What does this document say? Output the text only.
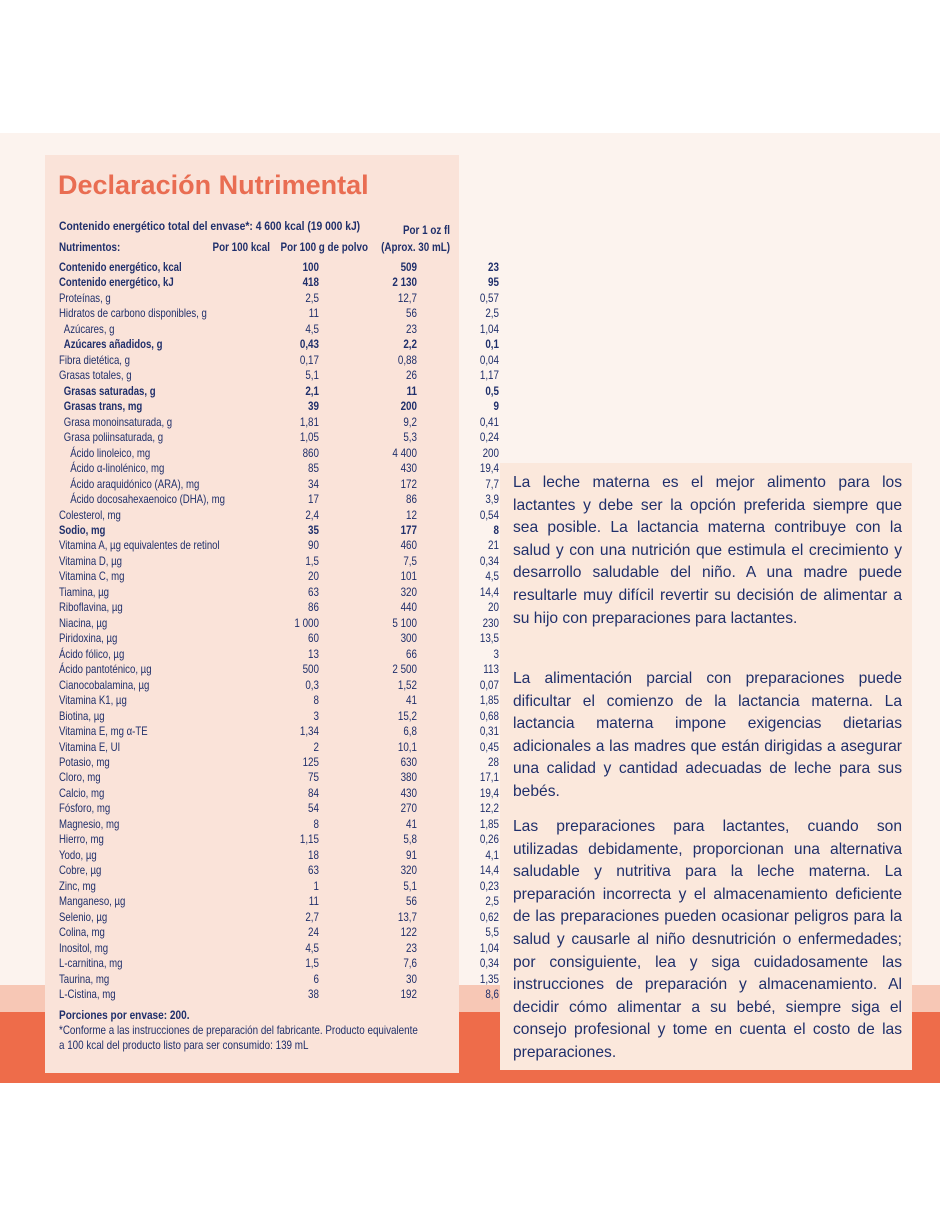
Declaración Nutrimental
Contenido energético total del envase*: 4 600 kcal (19 000 kJ)
Nutrimentos:	Por 100 kcal Por 100 g de polvo
Por 1 oz fl
(Aprox. 30 mL)
Contenido energético, kcal	100	509	23
Contenido energético, kJ	418	2 130	95
Proteínas, g	2,5	12,7	0,57
Hidratos de carbono disponibles, g	11	56	2,5
Azúcares, g	4,5	23	1,04
Azúcares añadidos, g	0,43	2,2	0,1
Fibra dietética, g	0,17	0,88	0,04
Grasas totales, g	5,1	26	1,17
Grasas saturadas, g	2,1	11	0,5
Grasas trans, mg	39	200	9
Grasa monoinsaturada, g	1,81	9,2	0,41
Grasa poliinsaturada, g	1,05	5,3	0,24
Ácido linoleico, mg	860	4 400	200
Ácido α-linolénico, mg	85	430	19,4
Ácido araquidónico (ARA), mg	34	172	7,7
Ácido docosahexaenoico (DHA), mg	17	86	3,9
Colesterol, mg	2,4	12	0,54
Sodio, mg	35	177	8
Vitamina A, µg equivalentes de retinol	90	460	21
Vitamina D, µg	1,5	7,5	0,34
Vitamina C, mg	20	101	4,5
Tiamina, µg	63	320	14,4
Riboflavina, µg	86	440	20
Niacina, µg	1 000	5 100	230
Piridoxina, µg	60	300	13,5
Ácido fólico, µg	13	66	3
Ácido pantoténico, µg	500	2 500	113
Cianocobalamina, µg	0,3	1,52	0,07
Vitamina K1, µg	8	41	1,85
Biotina, µg	3	15,2	0,68
Vitamina E, mg α-TE	1,34	6,8	0,31
Vitamina E, UI	2	10,1	0,45
Potasio, mg	125	630	28
Cloro, mg	75	380	17,1
Calcio, mg	84	430	19,4
Fósforo, mg	54	270	12,2
Magnesio, mg	8	41	1,85
Hierro, mg	1,15	5,8	0,26
Yodo, µg	18	91	4,1
Cobre, µg	63	320	14,4
Zinc, mg	1	5,1	0,23
Manganeso, µg	11	56	2,5
Selenio, µg	2,7	13,7	0,62
Colina, mg	24	122	5,5
Inositol, mg	4,5	23	1,04
L-carnitina, mg	1,5	7,6	0,34
Taurina, mg	6	30	1,35
L-Cistina, mg	38	192	8,6
Porciones por envase: 200.
*Conforme a las instrucciones de preparación del fabricante. Producto equivalente a 100 kcal del producto listo para ser consumido: 139 mL

La leche materna es el mejor alimento para los lactantes y debe ser la opción preferida siempre que sea posible. La lactancia materna contribuye con la salud y con una nutrición que estimula el crecimiento y desarrollo saludable del niño. A una madre puede resultarle muy difícil revertir su decisión de alimentar a su hijo con preparaciones para lactantes.

La alimentación parcial con preparaciones puede dificultar el comienzo de la lactancia materna. La lactancia materna impone exigencias dietarias adicionales a las madres que están dirigidas a asegurar una calidad y cantidad adecuadas de leche para sus bebés.

Las preparaciones para lactantes, cuando son utilizadas debidamente, proporcionan una alternativa saludable y nutritiva para la leche materna. La preparación incorrecta y el almacenamiento deficiente de las preparaciones pueden ocasionar peligros para la salud y causarle al niño desnutrición o enfermedades; por consiguiente, lea y siga cuidadosamente las instrucciones de preparación y almacenamiento. Al decidir cómo alimentar a su bebé, siempre siga el consejo profesional y tome en cuenta el costo de las preparaciones.
